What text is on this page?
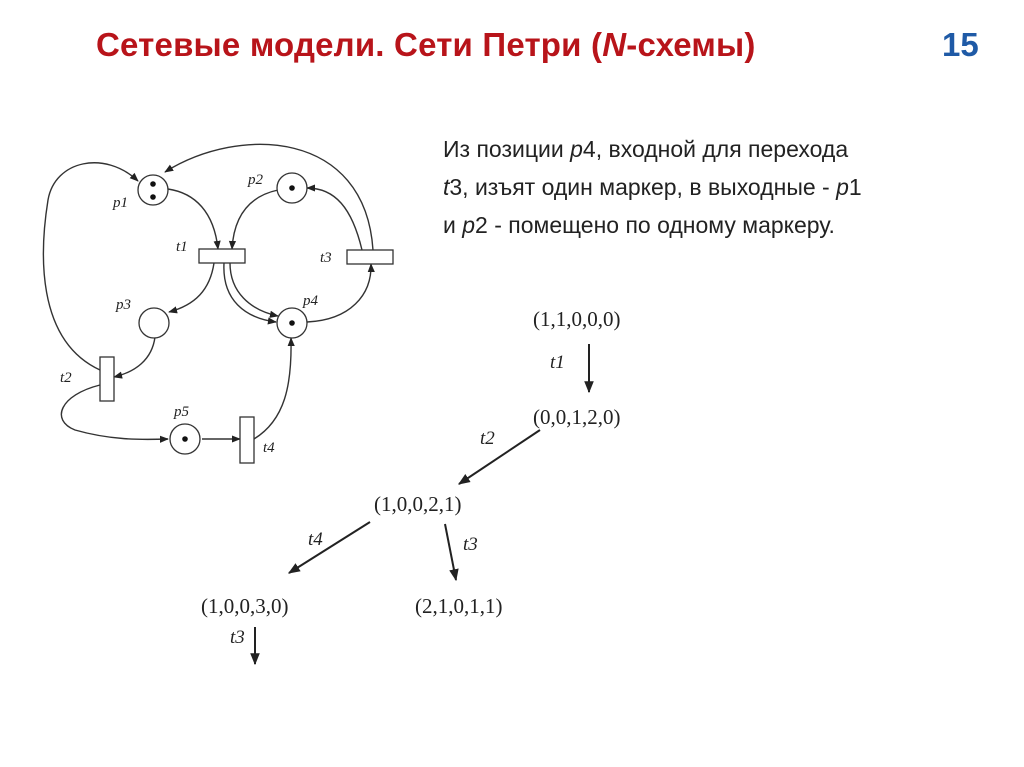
Сетевые модели. Сети Петри (N-схемы)	15
Из позиции p4, входной для перехода
t3, изъят один маркер, в выходные - p1
и p2 - помещено по одному маркеру.
p1
p2
p3	p4
p5
t1
t2
t3
t4
(1,1,0,0,0)
(0,0,1,2,0)
(1,0,0,2,1)
(1,0,0,3,0)	(2,1,0,1,1)
t1
t2
t4	t3
t3
